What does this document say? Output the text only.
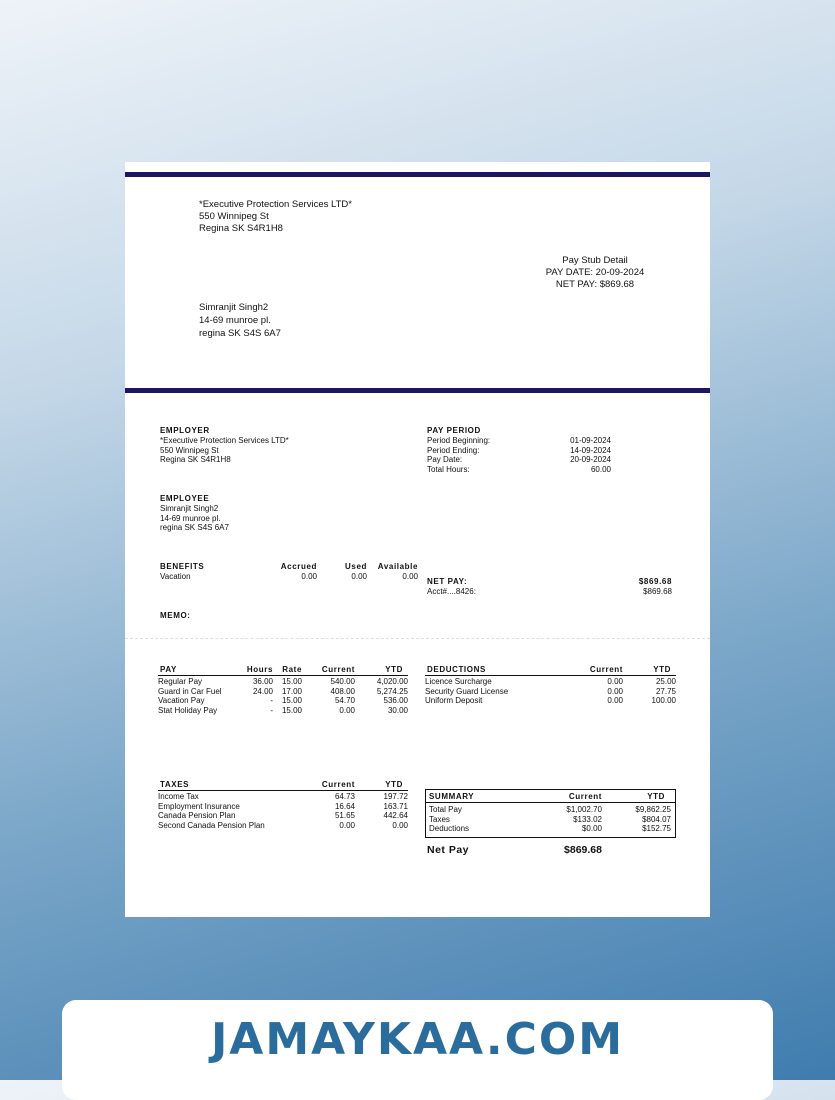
*Executive Protection Services LTD*
550 Winnipeg St
Regina SK S4R1H8
Pay Stub Detail
PAY DATE: 20-09-2024
NET PAY: $869.68
Simranjit Singh2
14-69 munroe pl.
regina SK S4S 6A7
EMPLOYER
*Executive Protection Services LTD*
550 Winnipeg St
Regina SK S4R1H8
PAY PERIOD
Period Beginning:	01-09-2024
Period Ending:	14-09-2024
Pay Date:	20-09-2024
Total Hours:	60.00
EMPLOYEE
Simranjit Singh2
14-69 munroe pl.
regina SK S4S 6A7
BENEFITS	Accrued	Used	Available
Vacation	0.00	0.00	0.00
NET PAY:	$869.68
Acct#....8426:	$869.68
MEMO:
PAY	Hours	Rate	Current	YTD
Regular Pay	36.00	15.00	540.00	4,020.00
Guard in Car Fuel	24.00	17.00	408.00	5,274.25
Vacation Pay	-	15.00	54.70	536.00
Stat Holiday Pay	-	15.00	0.00	30.00
DEDUCTIONS	Current	YTD
Licence Surcharge	0.00	25.00
Security Guard License	0.00	27.75
Uniform Deposit	0.00	100.00
TAXES	Current	YTD
Income Tax	64.73	197.72
Employment Insurance	16.64	163.71
Canada Pension Plan	51.65	442.64
Second Canada Pension Plan	0.00	0.00
SUMMARY	Current	YTD
Total Pay	$1,002.70	$9,862.25
Taxes	$133.02	$804.07
Deductions	$0.00	$152.75
Net Pay	$869.68
JAMAYKAA.COM
